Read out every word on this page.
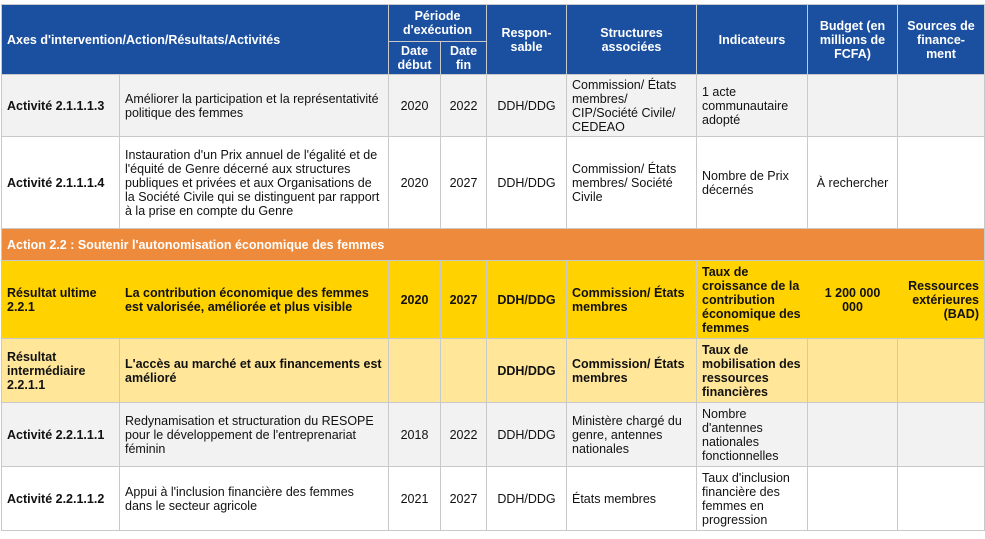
Axes d'intervention/Action/Résultats/Activités		Période d'exécution		Respon-sable	Structures associées	Indicateurs	Budget (en millions de FCFA)	Sources de finance-ment
		Date début	Date fin					
Activité 2.1.1.1.3	Améliorer la participation et la représentativité politique des femmes	2020	2022	DDH/DDG	Commission/ États membres/ CIP/Société Civile/ CEDEAO	1 acte communautaire adopté		
Activité 2.1.1.1.4	Instauration d'un Prix annuel de l'égalité et de l'équité de Genre décerné aux structures publiques et privées et aux Organisations de la Société Civile qui se distinguent par rapport à la prise en compte du Genre	2020	2027	DDH/DDG	Commission/ États membres/ Société Civile	Nombre de Prix décernés	À rechercher	
Action 2.2 : Soutenir l'autonomisation économique des femmes								
Résultat ultime 2.2.1	La contribution économique des femmes est valorisée, améliorée et plus visible	2020	2027	DDH/DDG	Commission/ États membres	Taux de croissance de la contribution économique des femmes	1 200 000 000	Ressources extérieures (BAD)
Résultat intermédiaire 2.2.1.1	L'accès au marché et aux financements est amélioré			DDH/DDG	Commission/ États membres	Taux de mobilisation des ressources financières		
Activité 2.2.1.1.1	Redynamisation et structuration du RESOPE pour le développement de l'entreprenariat féminin	2018	2022	DDH/DDG	Ministère chargé du genre, antennes nationales	Nombre d'antennes nationales fonctionnelles		
Activité 2.2.1.1.2	Appui à l'inclusion financière des femmes dans le secteur agricole	2021	2027	DDH/DDG	États membres	Taux d'inclusion financière des femmes en progression		
